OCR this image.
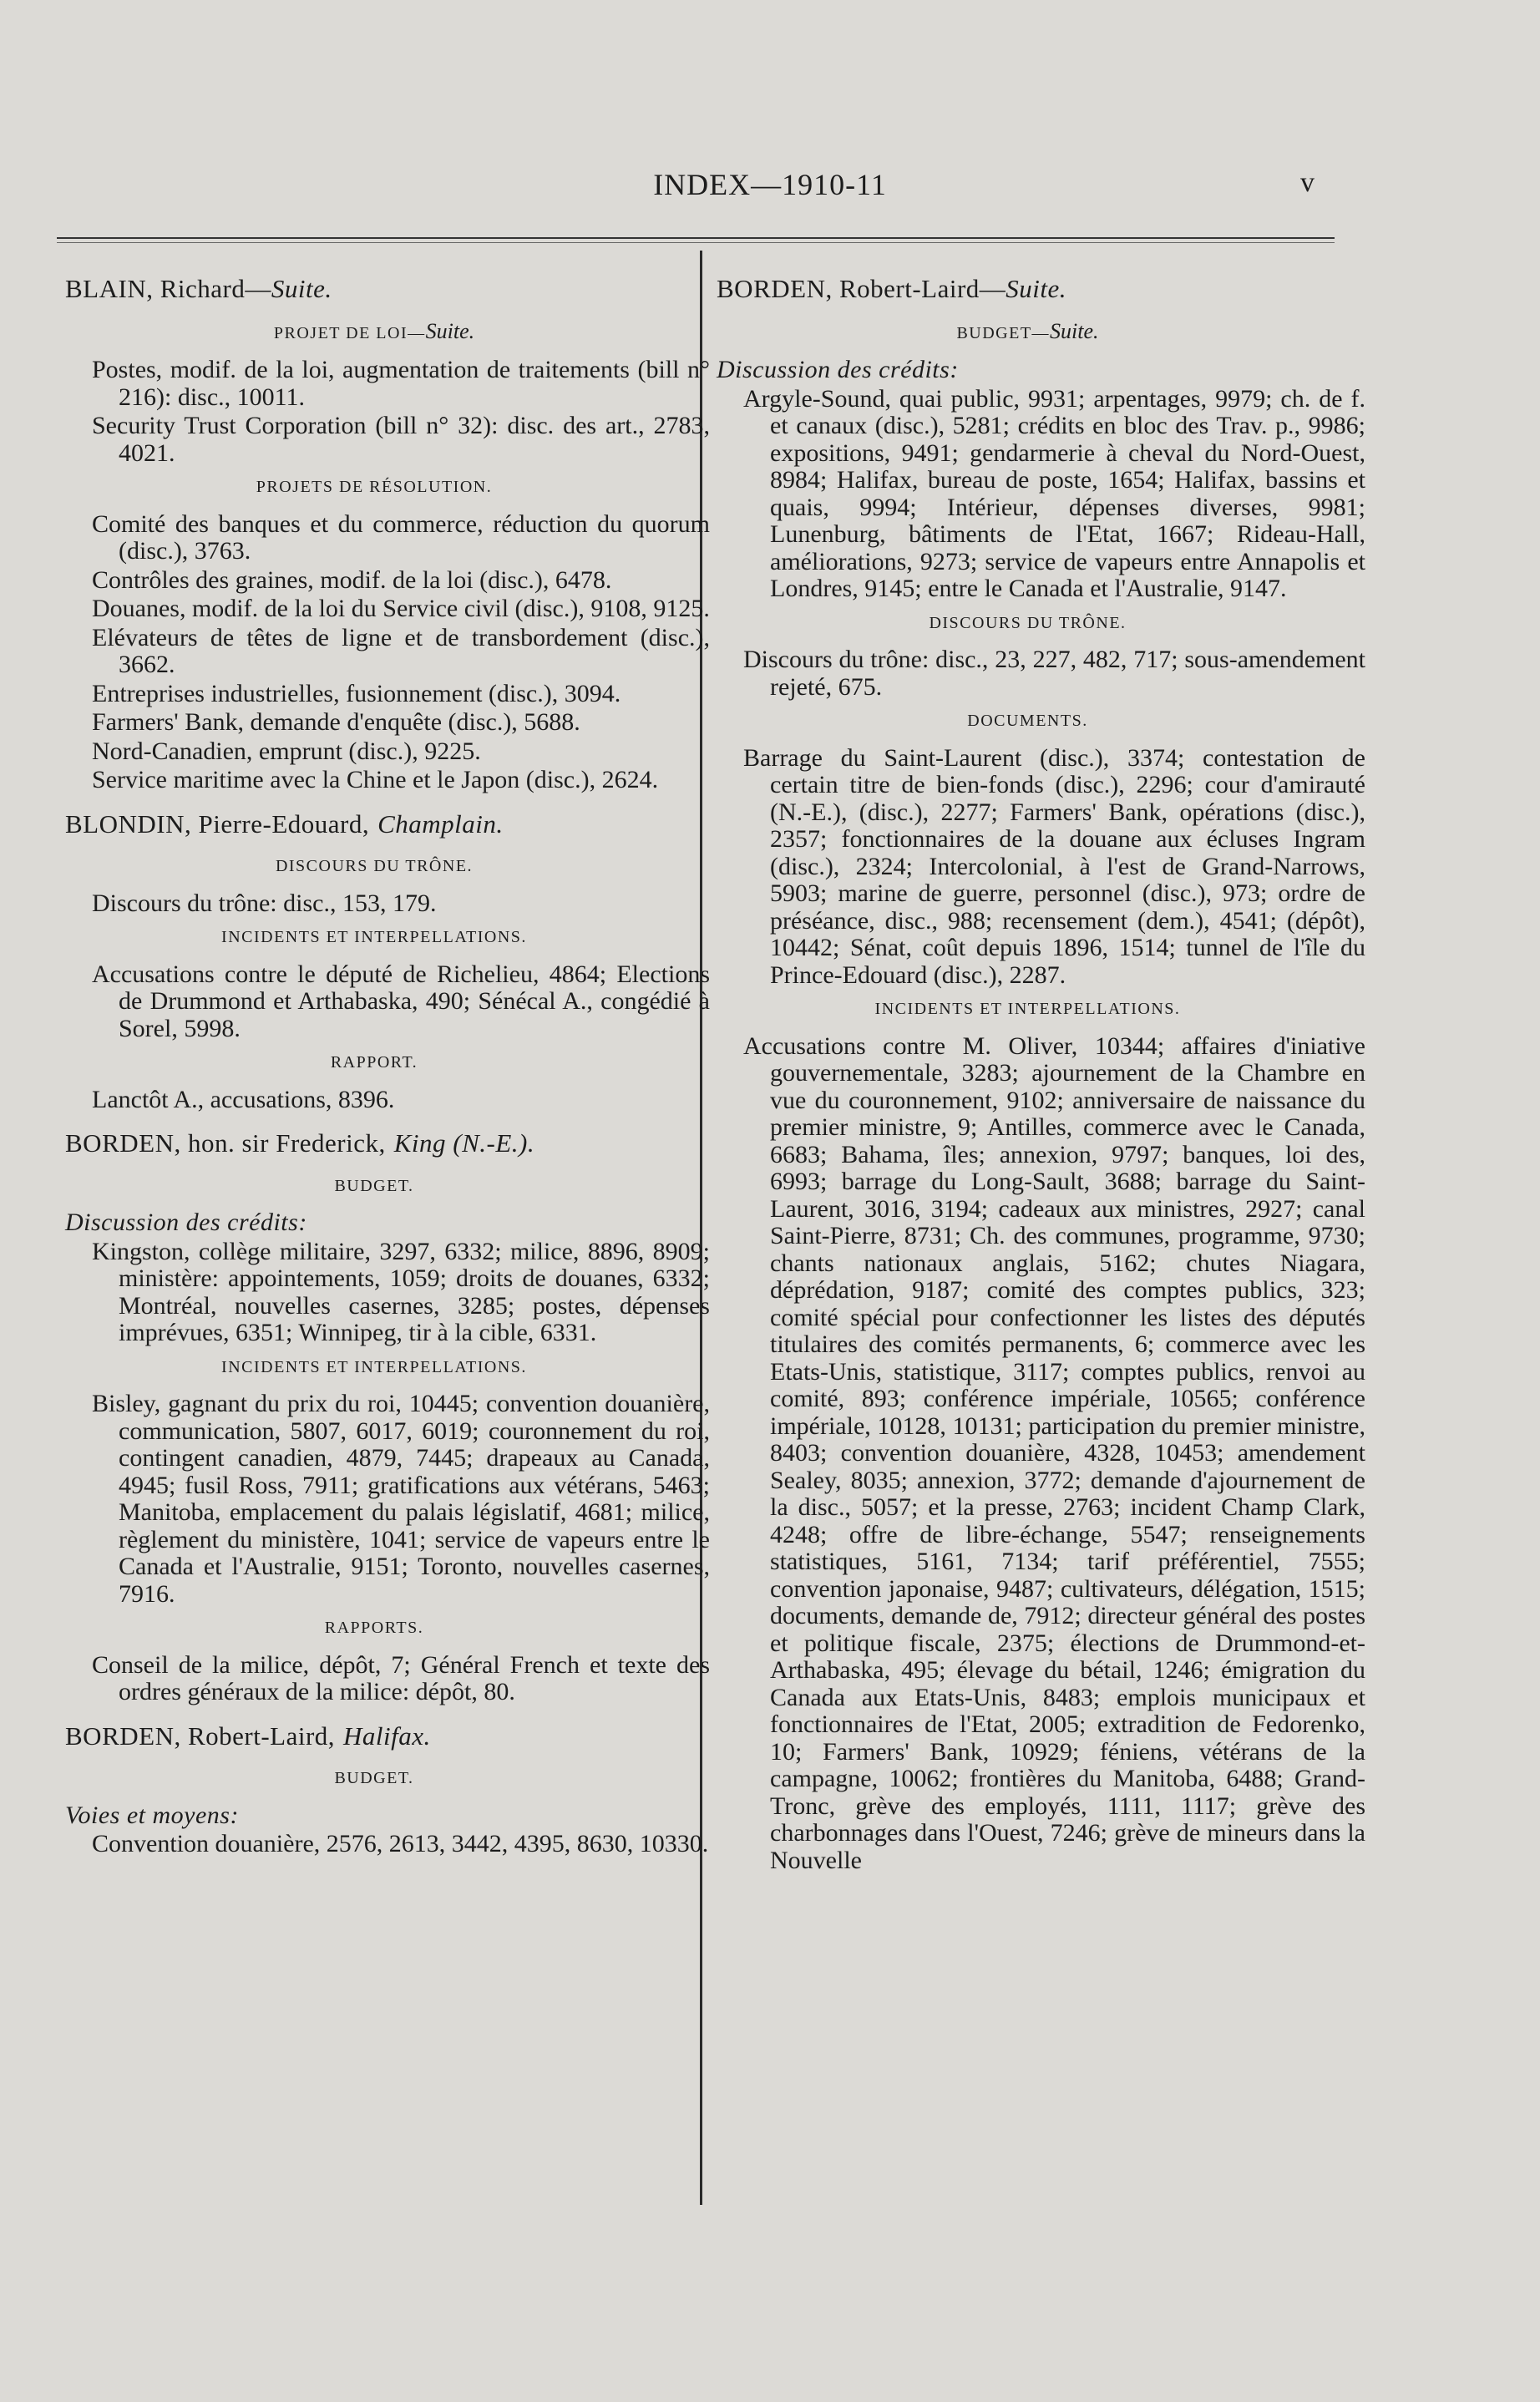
INDEX—1910-11	v

BLAIN, Richard—Suite.

PROJET DE LOI—Suite.

Postes, modif. de la loi, augmentation de traitements (bill n° 216): disc., 10011.

Security Trust Corporation (bill n° 32): disc. des art., 2783, 4021.

PROJETS DE RÉSOLUTION.

Comité des banques et du commerce, réduction du quorum (disc.), 3763.

Contrôles des graines, modif. de la loi (disc.), 6478.

Douanes, modif. de la loi du Service civil (disc.), 9108, 9125.

Elévateurs de têtes de ligne et de transbordement (disc.), 3662.

Entreprises industrielles, fusionnement (disc.), 3094.

Farmers' Bank, demande d'enquête (disc.), 5688.

Nord-Canadien, emprunt (disc.), 9225.

Service maritime avec la Chine et le Japon (disc.), 2624.

BLONDIN, Pierre-Edouard, Champlain.

DISCOURS DU TRÔNE.

Discours du trône: disc., 153, 179.

INCIDENTS ET INTERPELLATIONS.

Accusations contre le député de Richelieu, 4864; Elections de Drummond et Arthabaska, 490; Sénécal A., congédié à Sorel, 5998.

RAPPORT.

Lanctôt A., accusations, 8396.

BORDEN, hon. sir Frederick, King (N.-E.).

BUDGET.

Discussion des crédits:

Kingston, collège militaire, 3297, 6332; milice, 8896, 8909; ministère: appointements, 1059; droits de douanes, 6332; Montréal, nouvelles casernes, 3285; postes, dépenses imprévues, 6351; Winnipeg, tir à la cible, 6331.

INCIDENTS ET INTERPELLATIONS.

Bisley, gagnant du prix du roi, 10445; convention douanière, communication, 5807, 6017, 6019; couronnement du roi, contingent canadien, 4879, 7445; drapeaux au Canada, 4945; fusil Ross, 7911; gratifications aux vétérans, 5463; Manitoba, emplacement du palais législatif, 4681; milice, règlement du ministère, 1041; service de vapeurs entre le Canada et l'Australie, 9151; Toronto, nouvelles casernes, 7916.

RAPPORTS.

Conseil de la milice, dépôt, 7; Général French et texte des ordres généraux de la milice: dépôt, 80.

BORDEN, Robert-Laird, Halifax.

BUDGET.

Voies et moyens:

Convention douanière, 2576, 2613, 3442, 4395, 8630, 10330.

BORDEN, Robert-Laird—Suite.

BUDGET—Suite.

Discussion des crédits:

Argyle-Sound, quai public, 9931; arpentages, 9979; ch. de f. et canaux (disc.), 5281; crédits en bloc des Trav. p., 9986; expositions, 9491; gendarmerie à cheval du Nord-Ouest, 8984; Halifax, bureau de poste, 1654; Halifax, bassins et quais, 9994; Intérieur, dépenses diverses, 9981; Lunenburg, bâtiments de l'Etat, 1667; Rideau-Hall, améliorations, 9273; service de vapeurs entre Annapolis et Londres, 9145; entre le Canada et l'Australie, 9147.

DISCOURS DU TRÔNE.

Discours du trône: disc., 23, 227, 482, 717; sous-amendement rejeté, 675.

DOCUMENTS.

Barrage du Saint-Laurent (disc.), 3374; contestation de certain titre de bien-fonds (disc.), 2296; cour d'amirauté (N.-E.), (disc.), 2277; Farmers' Bank, opérations (disc.), 2357; fonctionnaires de la douane aux écluses Ingram (disc.), 2324; Intercolonial, à l'est de Grand-Narrows, 5903; marine de guerre, personnel (disc.), 973; ordre de préséance, disc., 988; recensement (dem.), 4541; (dépôt), 10442; Sénat, coût depuis 1896, 1514; tunnel de l'île du Prince-Edouard (disc.), 2287.

INCIDENTS ET INTERPELLATIONS.

Accusations contre M. Oliver, 10344; affaires d'iniative gouvernementale, 3283; ajournement de la Chambre en vue du couronnement, 9102; anniversaire de naissance du premier ministre, 9; Antilles, commerce avec le Canada, 6683; Bahama, îles; annexion, 9797; banques, loi des, 6993; barrage du Long-Sault, 3688; barrage du Saint-Laurent, 3016, 3194; cadeaux aux ministres, 2927; canal Saint-Pierre, 8731; Ch. des communes, programme, 9730; chants nationaux anglais, 5162; chutes Niagara, déprédation, 9187; comité des comptes publics, 323; comité spécial pour confectionner les listes des députés titulaires des comités permanents, 6; commerce avec les Etats-Unis, statistique, 3117; comptes publics, renvoi au comité, 893; conférence impériale, 10565; conférence impériale, 10128, 10131; participation du premier ministre, 8403; convention douanière, 4328, 10453; amendement Sealey, 8035; annexion, 3772; demande d'ajournement de la disc., 5057; et la presse, 2763; incident Champ Clark, 4248; offre de libre-échange, 5547; renseignements statistiques, 5161, 7134; tarif préférentiel, 7555; convention japonaise, 9487; cultivateurs, délégation, 1515; documents, demande de, 7912; directeur général des postes et politique fiscale, 2375; élections de Drummond-et-Arthabaska, 495; élevage du bétail, 1246; émigration du Canada aux Etats-Unis, 8483; emplois municipaux et fonctionnaires de l'Etat, 2005; extradition de Fedorenko, 10; Farmers' Bank, 10929; féniens, vétérans de la campagne, 10062; frontières du Manitoba, 6488; Grand-Tronc, grève des employés, 1111, 1117; grève des charbonnages dans l'Ouest, 7246; grève de mineurs dans la Nouvelle
